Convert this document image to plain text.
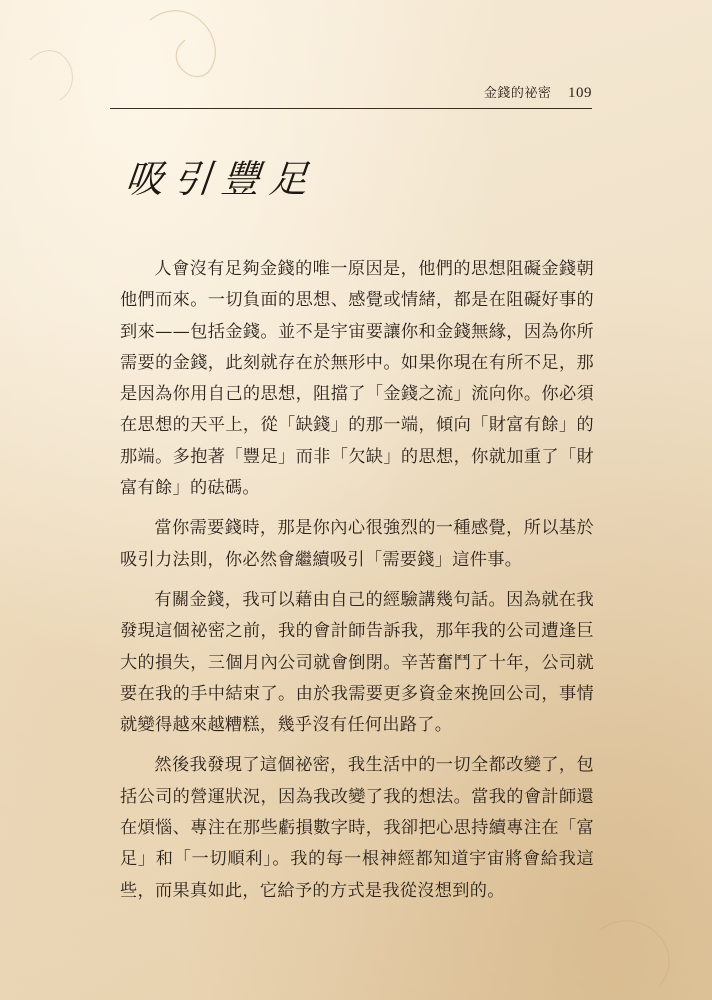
金錢的祕密 109
吸引豐足

人會沒有足夠金錢的唯一原因是，他們的思想阻礙金錢朝他們而來。一切負面的思想、感覺或情緒，都是在阻礙好事的到來——包括金錢。並不是宇宙要讓你和金錢無緣，因為你所需要的金錢，此刻就存在於無形中。如果你現在有所不足，那是因為你用自己的思想，阻擋了「金錢之流」流向你。你必須在思想的天平上，從「缺錢」的那一端，傾向「財富有餘」的那端。多抱著「豐足」而非「欠缺」的思想，你就加重了「財富有餘」的砝碼。

當你需要錢時，那是你內心很強烈的一種感覺，所以基於吸引力法則，你必然會繼續吸引「需要錢」這件事。

有關金錢，我可以藉由自己的經驗講幾句話。因為就在我發現這個祕密之前，我的會計師告訴我，那年我的公司遭逢巨大的損失，三個月內公司就會倒閉。辛苦奮鬥了十年，公司就要在我的手中結束了。由於我需要更多資金來挽回公司，事情就變得越來越糟糕，幾乎沒有任何出路了。

然後我發現了這個祕密，我生活中的一切全都改變了，包括公司的營運狀況，因為我改變了我的想法。當我的會計師還在煩惱、專注在那些虧損數字時，我卻把心思持續專注在「富足」和「一切順利」。我的每一根神經都知道宇宙將會給我這些，而果真如此，它給予的方式是我從沒想到的。
